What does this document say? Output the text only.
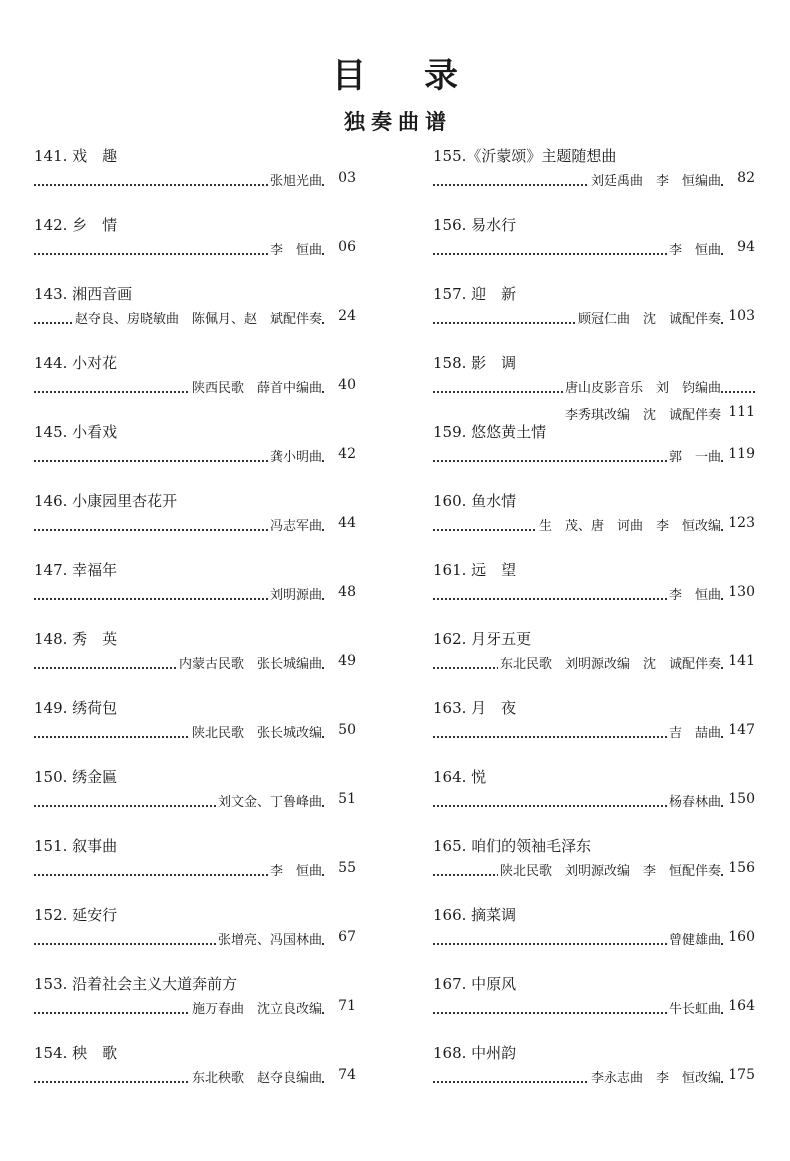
目录
独奏曲谱
141. 戏　趣
张旭光曲	03
142. 乡　情
李　恒曲	06
143. 湘西音画
赵夺良、房晓敏曲　陈佩月、赵　斌配伴奏	24
144. 小对花
陕西民歌　薛首中编曲	40
145. 小看戏
龚小明曲	42
146. 小康园里杏花开
冯志军曲	44
147. 幸福年
刘明源曲	48
148. 秀　英
内蒙古民歌　张长城编曲	49
149. 绣荷包
陕北民歌　张长城改编	50
150. 绣金匾
刘文金、丁鲁峰曲	51
151. 叙事曲
李　恒曲	55
152. 延安行
张增亮、冯国林曲	67
153. 沿着社会主义大道奔前方
施万春曲　沈立良改编	71
154. 秧　歌
东北秧歌　赵夺良编曲	74
155.《沂蒙颂》主题随想曲
刘廷禹曲　李　恒编曲	82
156. 易水行
李　恒曲	94
157. 迎　新
顾冠仁曲　沈　诚配伴奏 103
158. 影　调
唐山皮影音乐　刘　钧编曲
李秀琪改编　沈　诚配伴奏 111
159. 悠悠黄土情
郭　一曲 119
160. 鱼水情
生　茂、唐　诃曲　李　恒改编 123
161. 远　望
李　恒曲 130
162. 月牙五更
东北民歌　刘明源改编　沈　诚配伴奏 141
163. 月　夜
吉　喆曲 147
164. 悦
杨春林曲 150
165. 咱们的领袖毛泽东
陕北民歌　刘明源改编　李　恒配伴奏 156
166. 摘菜调
曾健雄曲 160
167. 中原风
牛长虹曲 164
168. 中州韵
李永志曲　李　恒改编 175
